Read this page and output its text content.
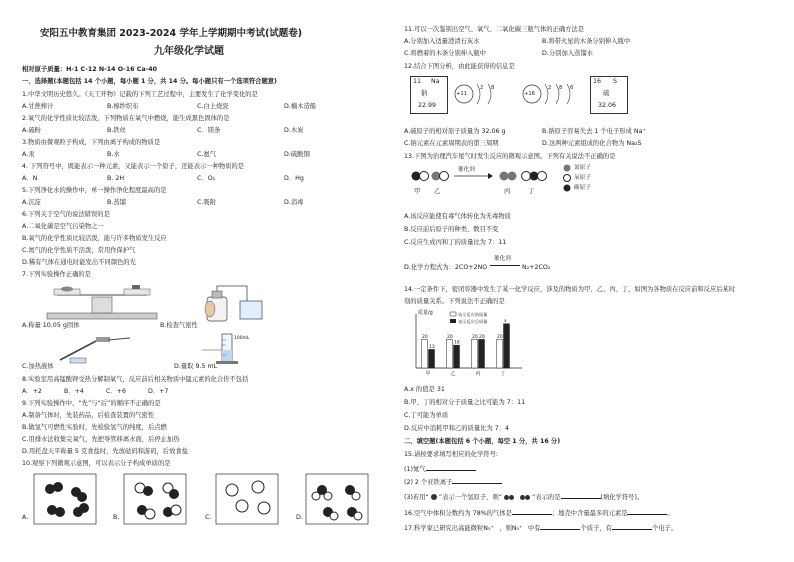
安阳五中教育集团 2023-2024 学年上学期期中考试(试题卷)
九年级化学试题
相对原子质量：H-1 C-12 N-14 O-16 Ca-40
一、选择题(本题包括 14 个小题，每小题 1 分，共 14 分。每小题只有一个选项符合题意)
1.中华文明历史悠久。《天工开物》记载的下列工艺过程中，主要发生了化学变化的是
A.甘蔗榨汁	B.棉纱织布	C.白土烧瓷	D.楠木造船
2.氧气的化学性质比较活泼，下列物质在氧气中燃烧，能生成黑色固体的是
A.硫粉	B.铁丝	C．镁条	D.木炭
3.物质由微观粒子构成，下列由离子构成的物质是
A.汞	B.水	C.氦气	D.硫酸铜
4. 下列符号中，既能表示一种元素，又能表示一个原子，还能表示一种物质的是
A．N	B. 2H	C．O₂	D．Hg
5.下列净化水的操作中，单一操作净化程度最高的是
A.沉淀	B.蒸馏	C.吸附	D.消毒
6.下列关于空气的说法错误的是
A.二氧化碳是空气污染物之一
B.氧气的化学性质比较活泼，能与许多物质发生反应
C.氮气的化学性质不活泼，常用作保护气
D.稀有气体在通电时能发出不同颜色的光
7.下列实验操作正确的是
A.称量 10.05 g固体	B.检查气密性
C.加热液体
100mL
D.量取 9.5 mL
8.实验室用高锰酸钾受热分解制氧气，反应前后相关物质中锰元素的化合价不包括
A．+2	B．+4	C．+6	D．+7
9.下列实验操作中，“先”与“后”的顺序不正确的是
A.制备气体时，先装药品，后检查装置的气密性
B.做氢气可燃性实验时，先检验氢气的纯度，后点燃
C.用排水法收集完氧气，先把导管移离水面，后停止加热
D.用托盘天平称量 5 克食盐时，先放砝码和游码，后放食盐
10.观察下列微观示意图，可以表示分子构成单质的是
A.	B.	C.	D.
11.可以一次鉴别出空气、氧气、二氧化碳三瓶气体的正确方法是
A.分别加入适量澄清石灰水	B.将带火星的木条分别伸入瓶中
C.将燃着的木条分别伸入瓶中	D.分别加入蒸馏水
12.结合下图分析，由此能获得的信息是
11 Na
钠
22.99
+11
2 8
+16
2 8 6
16 S
硫
32.06
A.硫原子的相对原子质量为 32.06 g	B.钠原子容易失去 1 个电子形成 Na⁺
C.钠元素在元素周期表的第三周期	D.这两种元素组成的化合物为 Na₂S
13.下图为治理汽车尾气时发生反应的微观示意图。下列有关说法不正确的是
催化剂
甲 乙	丙	丁
氮原子
氧原子
碳原子
A.该反应能使有毒气体转化为无毒物质
B.反应前后原子的种类、数目不变
C.反应生成丙和丁的质量比为 7：11
D.化学方程式为：2CO+2NO
催化剂
N₂+2CO₂
14.一定条件下，密闭容器中发生了某一化学反应，涉及的物质为甲、乙、丙、丁，如图为各物质在反应前和反应后某时
刻的质量关系。下列说法不正确的是
质量/g	表示反应前质量
表示反应后质量
20
13
甲
20
16
乙
20 20
丙
20
x
丁
A.x 的值是 31
B.甲、丁的相对分子质量之比可能为 7：11
C.丁可能为单质
D.反应中消耗甲和乙的质量比为 7：4
二、填空题(本题包括 6 个小题，每空 1 分，共 16 分)
15.请按要求填写相应的化学符号:
(1)氮气
(2) 2 个亚铁离子
(3)若用“ ”表示一个氢原子，则“	”表示的是	(填化学符号)。
16.空气中体积分数约为 78%的气体是	；地壳中含量最多的元素是	。
17.科学家已研究出高能微粒N₅⁺ ，则N₅⁺ 中有	个质子，有	个电子。
